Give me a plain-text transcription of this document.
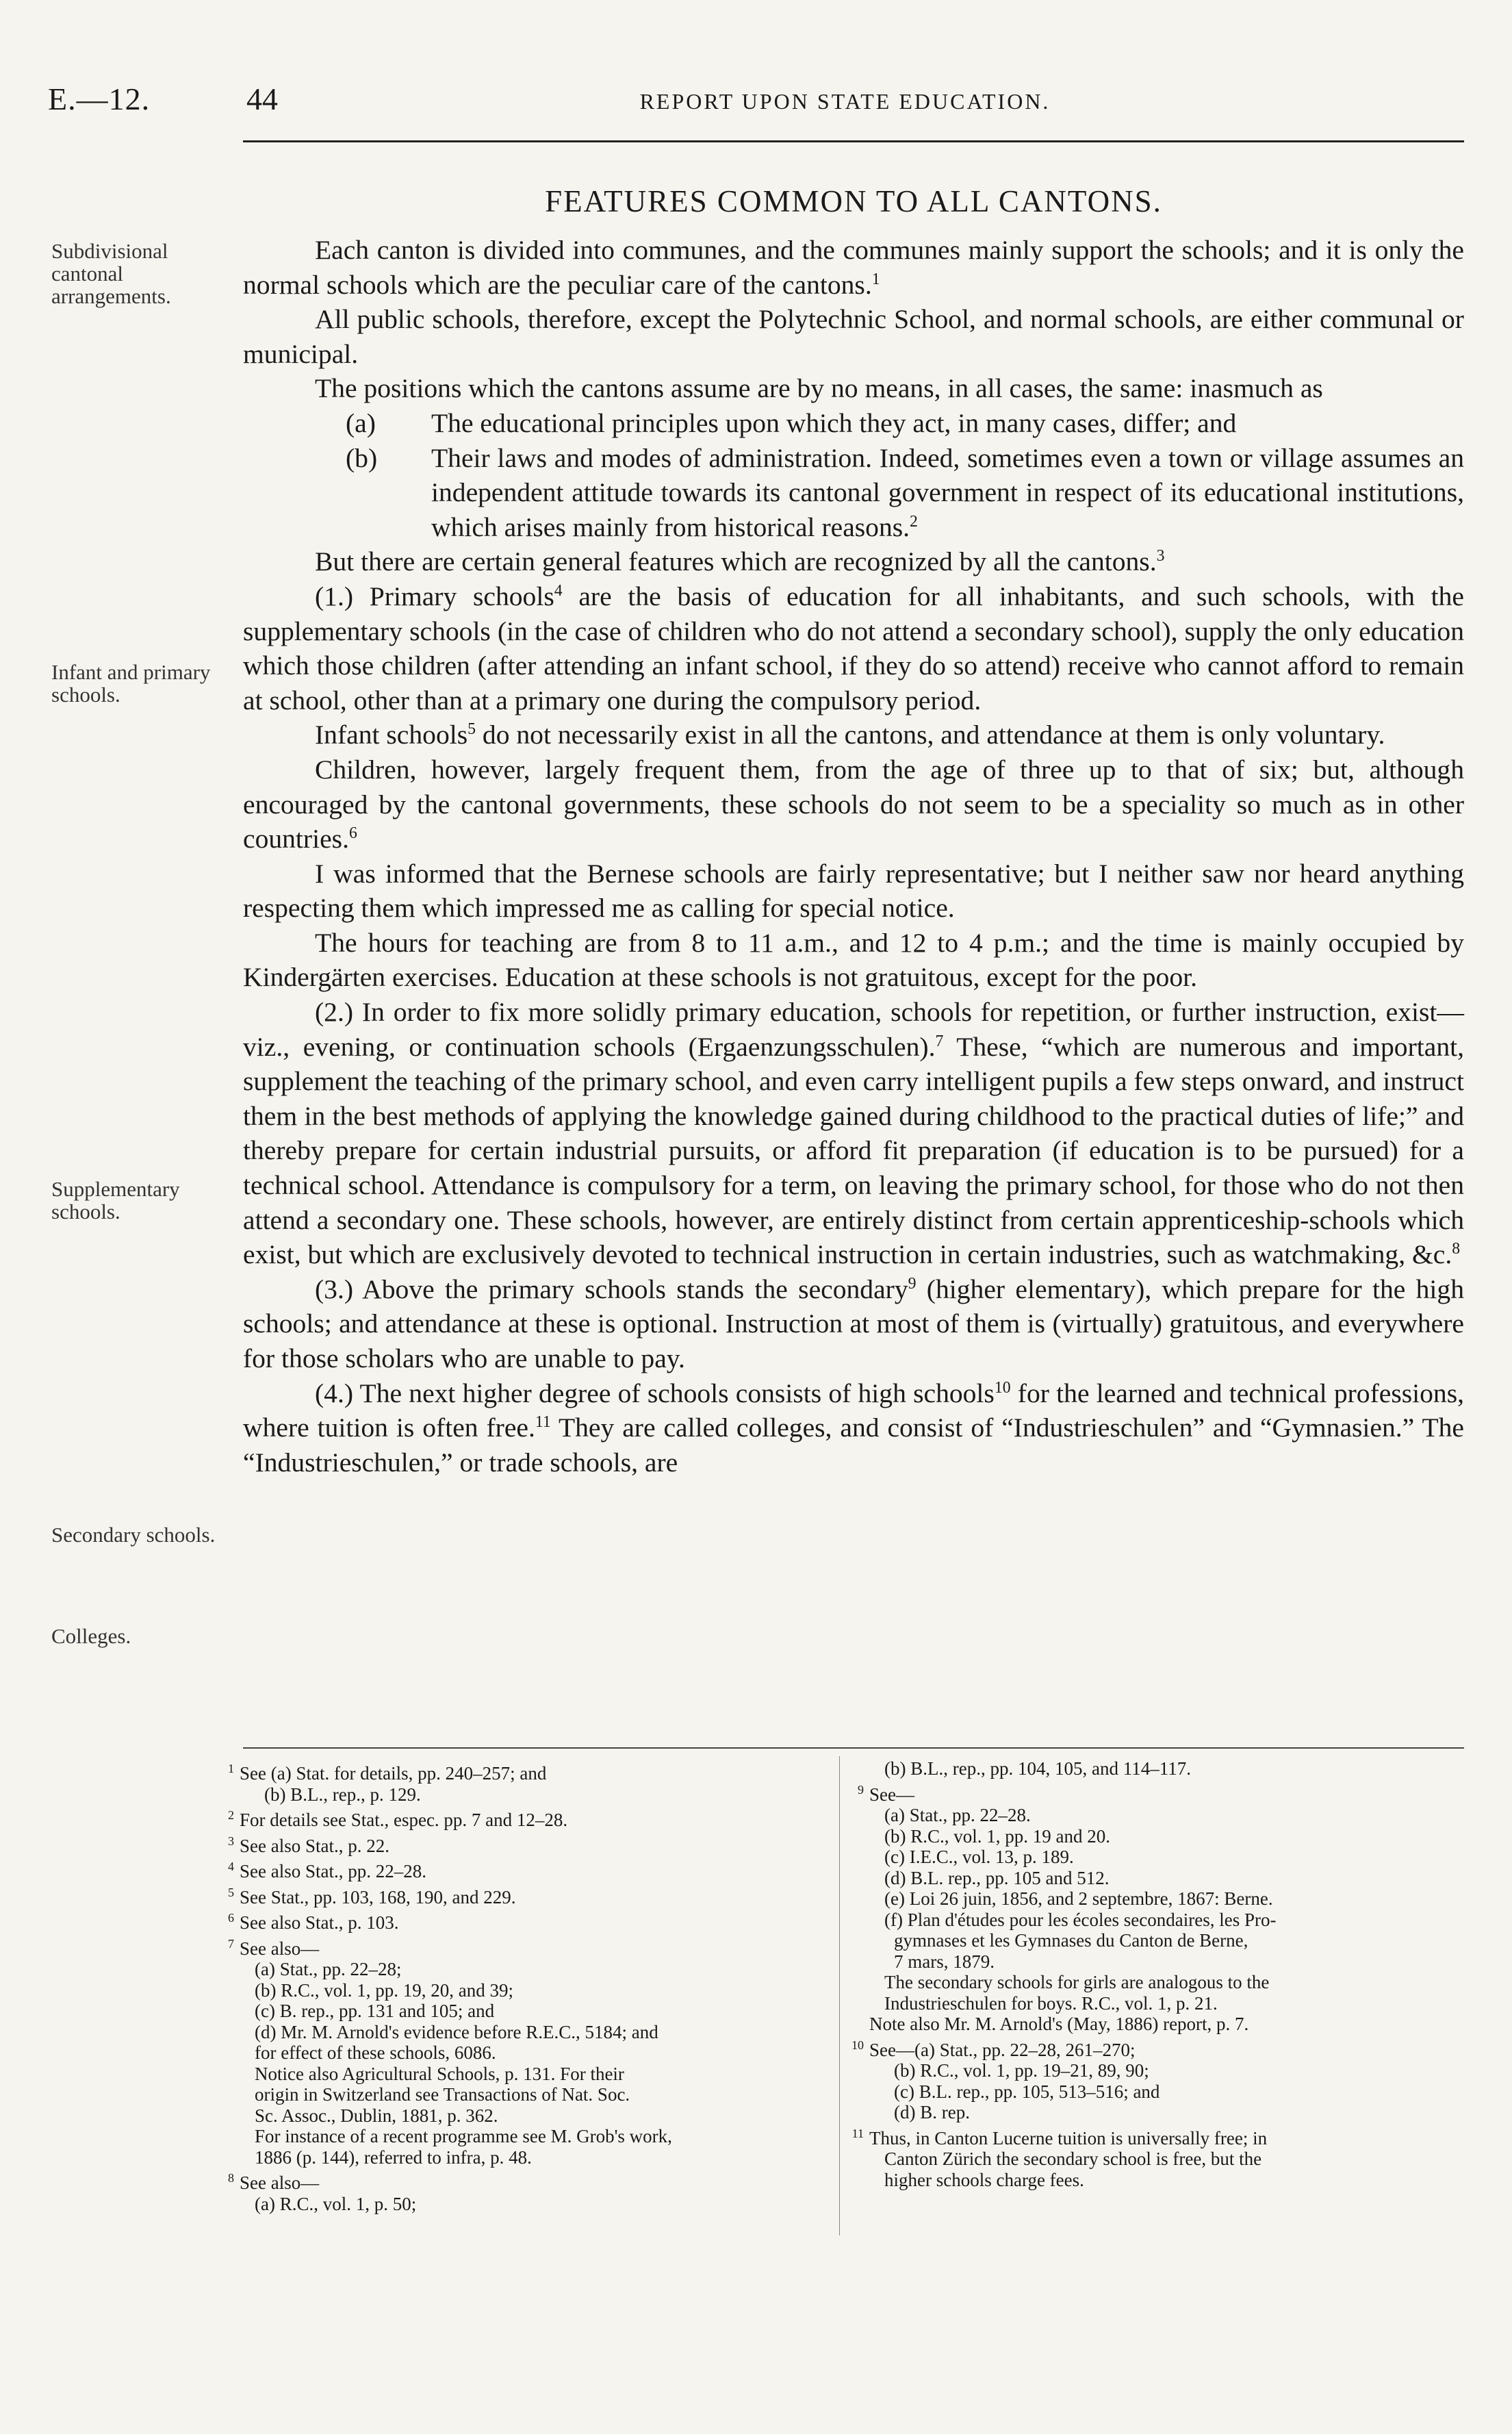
E.—12.	44	REPORT UPON STATE EDUCATION.
FEATURES COMMON TO ALL CANTONS.
Subdivisional cantonal arrangements.
Infant and primary schools.
Supplementary schools.
Secondary schools.
Colleges.

Each canton is divided into communes, and the communes mainly support the schools; and it is only the normal schools which are the peculiar care of the cantons.$^1$

All public schools, therefore, except the Polytechnic School, and normal schools, are either communal or municipal.

The positions which the cantons assume are by no means, in all cases, the same: inasmuch as

(a) The educational principles upon which they act, in many cases, differ; and

(b) Their laws and modes of administration. Indeed, sometimes even a town or village assumes an independent attitude towards its cantonal government in respect of its educational institutions, which arises mainly from historical reasons.$^2$

But there are certain general features which are recognized by all the cantons.$^3$

(1.) Primary schools$^4$ are the basis of education for all inhabitants, and such schools, with the supplementary schools (in the case of children who do not attend a secondary school), supply the only education which those children (after attending an infant school, if they do so attend) receive who cannot afford to remain at school, other than at a primary one during the compulsory period.

Infant schools$^5$ do not necessarily exist in all the cantons, and attendance at them is only voluntary.

Children, however, largely frequent them, from the age of three up to that of six; but, although encouraged by the cantonal governments, these schools do not seem to be a speciality so much as in other countries.$^6$

I was informed that the Bernese schools are fairly representative; but I neither saw nor heard anything respecting them which impressed me as calling for special notice.

The hours for teaching are from 8 to 11 a.m., and 12 to 4 p.m.; and the time is mainly occupied by Kindergärten exercises. Education at these schools is not gratuitous, except for the poor.

(2.) In order to fix more solidly primary education, schools for repetition, or further instruction, exist—viz., evening, or continuation schools (Ergaenzungsschulen).$^7$ These, “which are numerous and important, supplement the teaching of the primary school, and even carry intelligent pupils a few steps onward, and instruct them in the best methods of applying the knowledge gained during childhood to the practical duties of life;” and thereby prepare for certain industrial pursuits, or afford fit preparation (if education is to be pursued) for a technical school. Attendance is compulsory for a term, on leaving the primary school, for those who do not then attend a secondary one. These schools, however, are entirely distinct from certain apprenticeship-schools which exist, but which are exclusively devoted to technical instruction in certain industries, such as watchmaking, &c.$^8$

(3.) Above the primary schools stands the secondary$^9$ (higher elementary), which prepare for the high schools; and attendance at these is optional. Instruction at most of them is (virtually) gratuitous, and everywhere for those scholars who are unable to pay.

(4.) The next higher degree of schools consists of high schools$^{10}$ for the learned and technical professions, where tuition is often free.$^{11}$ They are called colleges, and consist of “Industrieschulen” and “Gymnasien.” The “Industrieschulen,” or trade schools, are

1 See (a) Stat. for details, pp. 240–257; and
(b) B.L., rep., p. 129.
2 For details see Stat., espec. pp. 7 and 12–28.
3 See also Stat., p. 22.
4 See also Stat., pp. 22–28.
5 See Stat., pp. 103, 168, 190, and 229.
6 See also Stat., p. 103.
7 See also—
(a) Stat., pp. 22–28;
(b) R.C., vol. 1, pp. 19, 20, and 39;
(c) B. rep., pp. 131 and 105; and
(d) Mr. M. Arnold's evidence before R.E.C., 5184; and
for effect of these schools, 6086.
Notice also Agricultural Schools, p. 131. For their
origin in Switzerland see Transactions of Nat. Soc.
Sc. Assoc., Dublin, 1881, p. 362.
For instance of a recent programme see M. Grob's work,
1886 (p. 144), referred to infra, p. 48.
8 See also—
(a) R.C., vol. 1, p. 50;
(b) B.L., rep., pp. 104, 105, and 114–117.
9 See—
(a) Stat., pp. 22–28.
(b) R.C., vol. 1, pp. 19 and 20.
(c) I.E.C., vol. 13, p. 189.
(d) B.L. rep., pp. 105 and 512.
(e) Loi 26 juin, 1856, and 2 septembre, 1867: Berne.
(f) Plan d'études pour les écoles secondaires, les Pro-
gymnases et les Gymnases du Canton de Berne,
7 mars, 1879.
The secondary schools for girls are analogous to the
Industrieschulen for boys. R.C., vol. 1, p. 21.
Note also Mr. M. Arnold's (May, 1886) report, p. 7.
10 See—(a) Stat., pp. 22–28, 261–270;
(b) R.C., vol. 1, pp. 19–21, 89, 90;
(c) B.L. rep., pp. 105, 513–516; and
(d) B. rep.
11 Thus, in Canton Lucerne tuition is universally free; in
Canton Zürich the secondary school is free, but the
higher schools charge fees.
